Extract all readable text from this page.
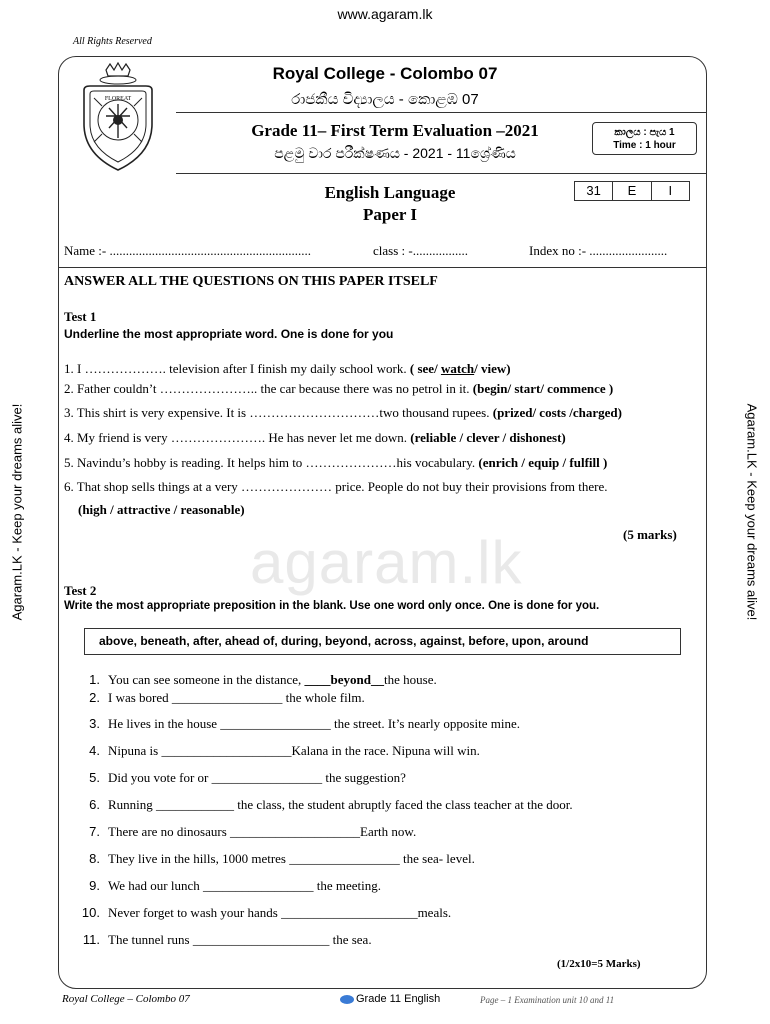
www.agaram.lk
All Rights Reserved
FLOREAT
Royal College - Colombo 07
රාජකීය විද්‍යාලය - කොළඹ 07
Grade 11– First Term Evaluation –2021
පළමු වාර පරීක්ෂණය - 2021 - 11ශ්‍රේණිය
කාලය : පැය 1
Time : 1 hour
English Language
Paper I
31	E	I
Name :- ..............................................................	class : -.................	Index no :- ........................
ANSWER ALL THE QUESTIONS ON THIS PAPER ITSELF
agaram.lk
Test 1
Underline the most appropriate word. One is done for you
1. I ………………. television after I finish my daily school work. ( see/ watch/ view)
2. Father couldn’t ………………….. the car because there was no petrol in it. (begin/ start/ commence )
3. This shirt is very expensive. It is …………………………two thousand rupees. (prized/ costs /charged)
4. My friend is very …………………. He has never let me down. (reliable / clever / dishonest)
5. Navindu’s hobby is reading. It helps him to …………………his vocabulary. (enrich / equip / fulfill )
6. That shop sells things at a very ………………… price. People do not buy their provisions from there.
(high / attractive / reasonable)
(5 marks)
Test 2
Write the most appropriate preposition in the blank. Use one word only once. One is done for you.
above, beneath, after, ahead of, during, beyond, across, against, before, upon, around
1. You can see someone in the distance, ____beyond__the house.
2. I was bored _________________ the whole film.
3. He lives in the house _________________ the street. It’s nearly opposite mine.
4. Nipuna is ____________________Kalana in the race. Nipuna will win.
5. Did you vote for or _________________ the suggestion?
6. Running ____________ the class, the student abruptly faced the class teacher at the door.
7. There are no dinosaurs ____________________Earth now.
8. They live in the hills, 1000 metres _________________ the sea- level.
9. We had our lunch _________________ the meeting.
10. Never forget to wash your hands _____________________meals.
11. The tunnel runs _____________________ the sea.
(1/2x10=5 Marks)
Agaram.LK - Keep your dreams alive!	Agaram.LK - Keep your dreams alive!
Royal College – Colombo 07	Grade 11 English	Page – 1 Examination unit 10 and 11
